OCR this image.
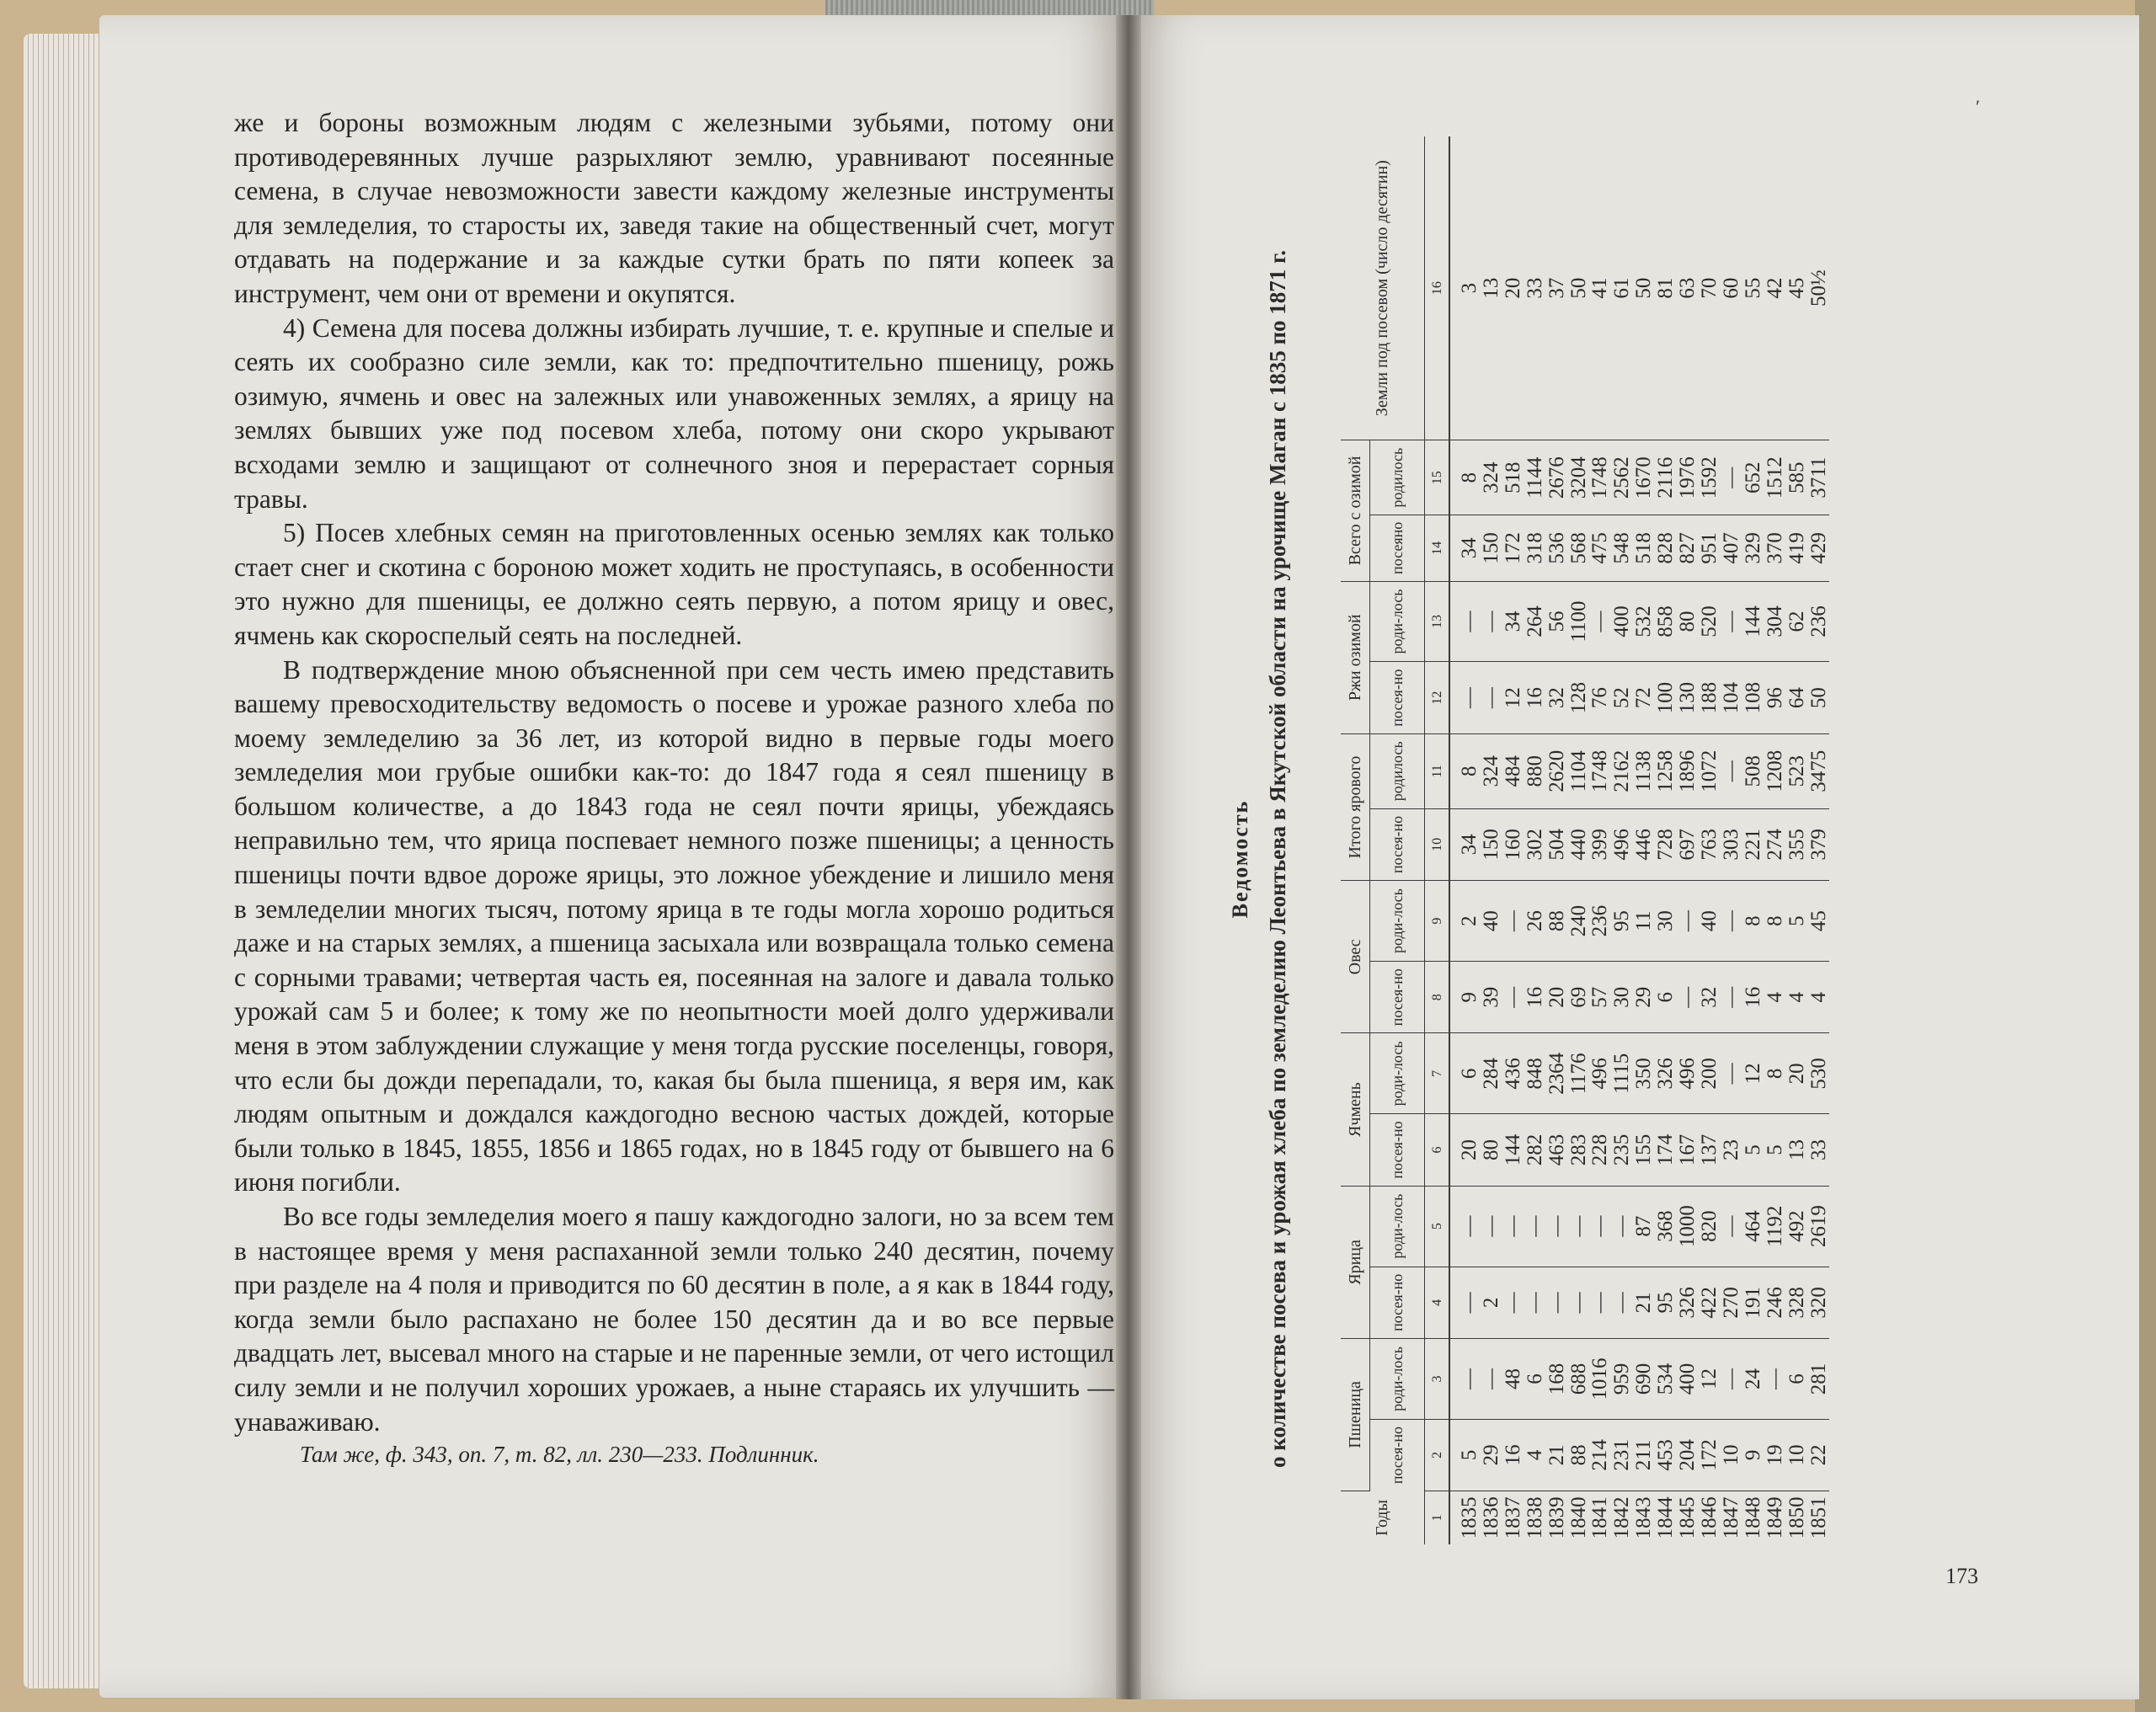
же и бороны возможным людям с железными зубьями, потому они противодеревянных лучше разрыхляют землю, уравнивают посеянные семена, в случае невозможности завести каждому железные инструменты для земледелия, то старосты их, заведя такие на общественный счет, могут отдавать на подержание и за каждые сутки брать по пяти копеек за инструмент, чем они от времени и окупятся.

4) Семена для посева должны избирать лучшие, т. е. крупные и спелые и сеять их сообразно силе земли, как то: предпочтительно пшеницу, рожь озимую, ячмень и овес на залежных или унавоженных землях, а ярицу на землях бывших уже под посевом хлеба, потому они скоро укрывают всходами землю и защищают от солнечного зноя и перерастает сорныя травы.

5) Посев хлебных семян на приготовленных осенью землях как только стает снег и скотина с бороною может ходить не проступаясь, в особенности это нужно для пшеницы, ее должно сеять первую, а потом ярицу и овес, ячмень как скороспелый сеять на последней.

В подтверждение мною объясненной при сем честь имею представить вашему превосходительству ведомость о посеве и урожае разного хлеба по моему земледелию за 36 лет, из которой видно в первые годы моего земледелия мои грубые ошибки как-то: до 1847 года я сеял пшеницу в большом количестве, а до 1843 года не сеял почти ярицы, убеждаясь неправильно тем, что ярица поспевает немного позже пшеницы; а ценность пшеницы почти вдвое дороже ярицы, это ложное убеждение и лишило меня в земледелии многих тысяч, потому ярица в те годы могла хорошо родиться даже и на старых землях, а пшеница засыхала или возвращала только семена с сорными травами; четвертая часть ея, посеянная на залоге и давала только урожай сам 5 и более; к тому же по неопытности моей долго удерживали меня в этом заблуждении служащие у меня тогда русские поселенцы, говоря, что если бы дожди перепадали, то, какая бы была пшеница, я веря им, как людям опытным и дождался каждогодно весною частых дождей, которые были только в 1845, 1855, 1856 и 1865 годах, но в 1845 году от бывшего на 6 июня погибли.

Во все годы земледелия моего я пашу каждогодно залоги, но за всем тем в настоящее время у меня распаханной земли только 240 десятин, почему при разделе на 4 поля и приводится по 60 десятин в поле, а я как в 1844 году, когда земли было распахано не более 150 десятин да и во все первые двадцать лет, высевал много на старые и не паренные земли, от чего истощил силу земли и не получил хороших урожаев, а ныне стараясь их улучшить — унаваживаю.

Там же, ф. 343, оп. 7, т. 82, лл. 230—233. Подлинник.
′
Ведомость о количестве посева и урожая хлеба по земледелию Леонтьева в Якутской области на урочище Маган с 1835 по 1871 г.
Годы	Пшеница		Ярица		Ячмень		Овес		Итого ярового		Ржи озимой		Всего с озимой		Земли под посевом (число десятин)
	посея-но	роди-лось	посея-но	роди-лось	посея-но	роди-лось	посея-но	роди-лось	посея-но	родилось	посея-но	роди-лось	посеяно	родилось	
1	2	3	4	5	6	7	8	9	10	11	12	13	14	15	16
1835	5	—	—	—	20	6	9	2	34	8	—	—	34	8	3
1836	29	—	2	—	80	284	39	40	150	324	—	—	150	324	13
1837	16	48	—	—	144	436	—	—	160	484	12	34	172	518	20
1838	4	6	—	—	282	848	16	26	302	880	16	264	318	1144	33
1839	21	168	—	—	463	2364	20	88	504	2620	32	56	536	2676	37
1840	88	688	—	—	283	1176	69	240	440	1104	128	1100	568	3204	50
1841	214	1016	—	—	228	496	57	236	399	1748	76	—	475	1748	41
1842	231	959	—	—	235	1115	30	95	496	2162	52	400	548	2562	61
1843	211	690	21	87	155	350	29	11	446	1138	72	532	518	1670	50
1844	453	534	95	368	174	326	6	30	728	1258	100	858	828	2116	81
1845	204	400	326	1000	167	496	—	—	697	1896	130	80	827	1976	63
1846	172	12	422	820	137	200	32	40	763	1072	188	520	951	1592	70
1847	10	—	270	—	23	—	—	—	303	—	104	—	407	—	60
1848	9	24	191	464	5	12	16	8	221	508	108	144	329	652	55
1849	19	—	246	1192	5	8	4	8	274	1208	96	304	370	1512	42
1850	10	6	328	492	13	20	4	5	355	523	64	62	419	585	45
1851	22	281	320	2619	33	530	4	45	379	3475	50	236	429	3711	50½
173
